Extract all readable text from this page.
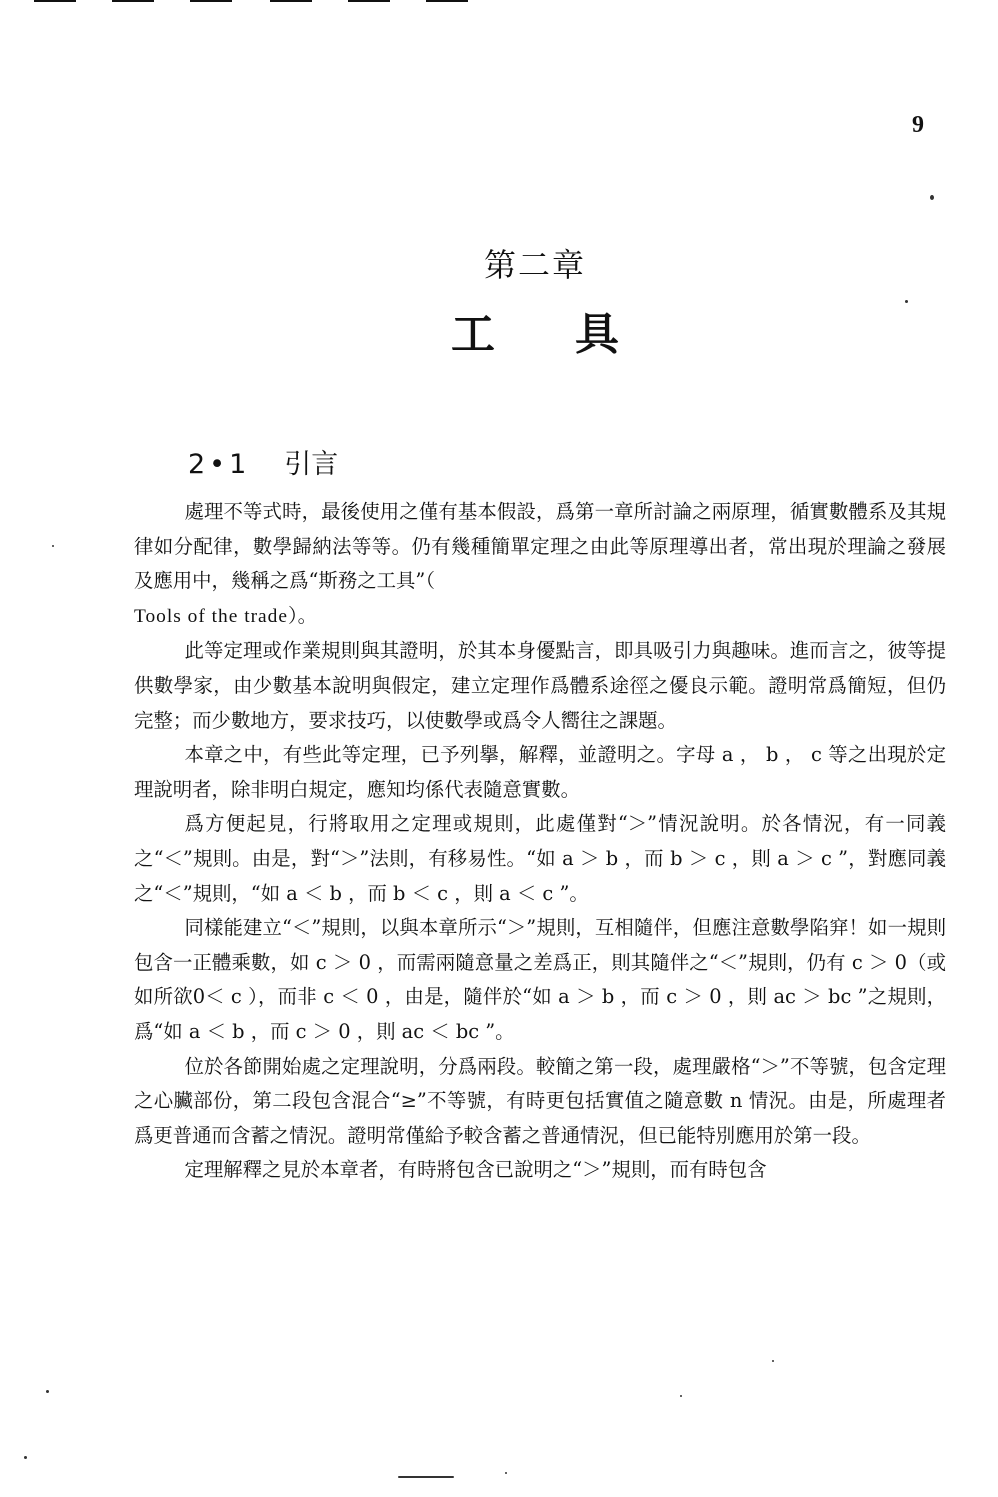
9
第二章
工 具
2•1 引言

處理不等式時，最後使用之僅有基本假設，爲第一章所討論之兩原理，循實數體系及其規律如分配律，數學歸納法等等。仍有幾種簡單定理之由此等原理導出者，常出現於理論之發展及應用中，幾稱之爲“斯務之工具”（
Tools of the trade）。

此等定理或作業規則與其證明，於其本身優點言，即具吸引力與趣味。進而言之，彼等提供數學家，由少數基本說明與假定，建立定理作爲體系途徑之優良示範。證明常爲簡短，但仍完整；而少數地方，要求技巧，以使數學或爲令人嚮往之課題。

本章之中，有些此等定理，已予列擧，解釋，並證明之。字母 a ， b ， c 等之出現於定理說明者，除非明白規定，應知均係代表隨意實數。

爲方便起見，行將取用之定理或規則，此處僅對“＞”情況說明。於各情況，有一同義之“＜”規則。由是，對“＞”法則，有移易性。“如 a ＞ b ，而 b ＞ c ，則 a ＞ c ”，對應同義之“＜”規則，“如 a ＜ b ，而 b ＜ c ，則 a ＜ c ”。

同樣能建立“＜”規則，以與本章所示“＞”規則，互相隨伴，但應注意數學陷穽！如一規則包含一正體乘數，如 c ＞ 0 ，而需兩隨意量之差爲正，則其隨伴之“＜”規則，仍有 c ＞ 0（或如所欲0＜ c ），而非 c ＜ 0 ，由是，隨伴於“如 a ＞ b ，而 c ＞ 0 ，則 ac ＞ bc ”之規則，爲“如 a ＜ b ，而 c ＞ 0 ，則 ac ＜ bc ”。

位於各節開始處之定理說明，分爲兩段。較簡之第一段，處理嚴格“＞”不等號，包含定理之心臟部份，第二段包含混合“≥”不等號，有時更包括實值之隨意數 n 情況。由是，所處理者爲更普通而含蓄之情況。證明常僅給予較含蓄之普通情況，但已能特別應用於第一段。

定理解釋之見於本章者，有時將包含已說明之“＞”規則，而有時包含
